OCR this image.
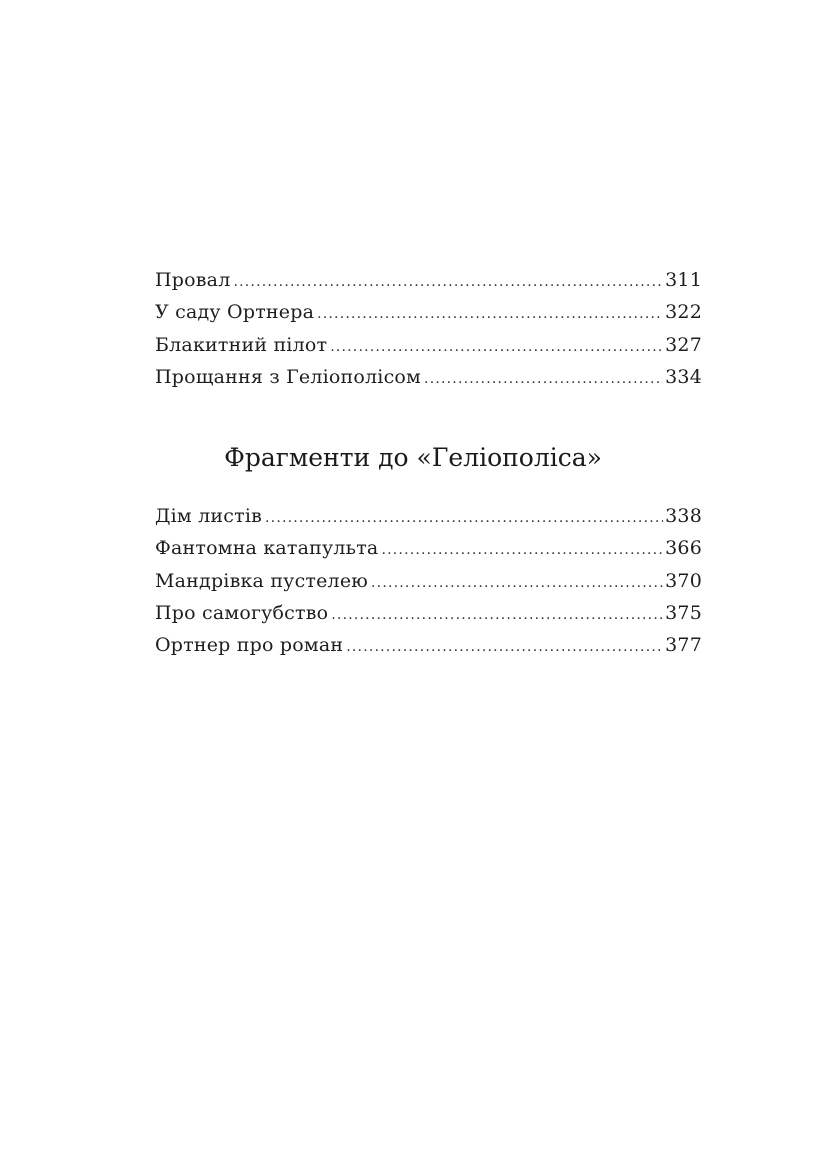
Провал .....	311
У саду Ортнера .....	322
Блакитний пілот .....	327
Прощання з Геліополісом .....	334
Фрагменти до «Геліополіса»
Дім листів .....	338
Фантомна катапульта .....	366
Мандрівка пустелею .....	370
Про самогубство .....	375
Ортнер про роман .....	377
